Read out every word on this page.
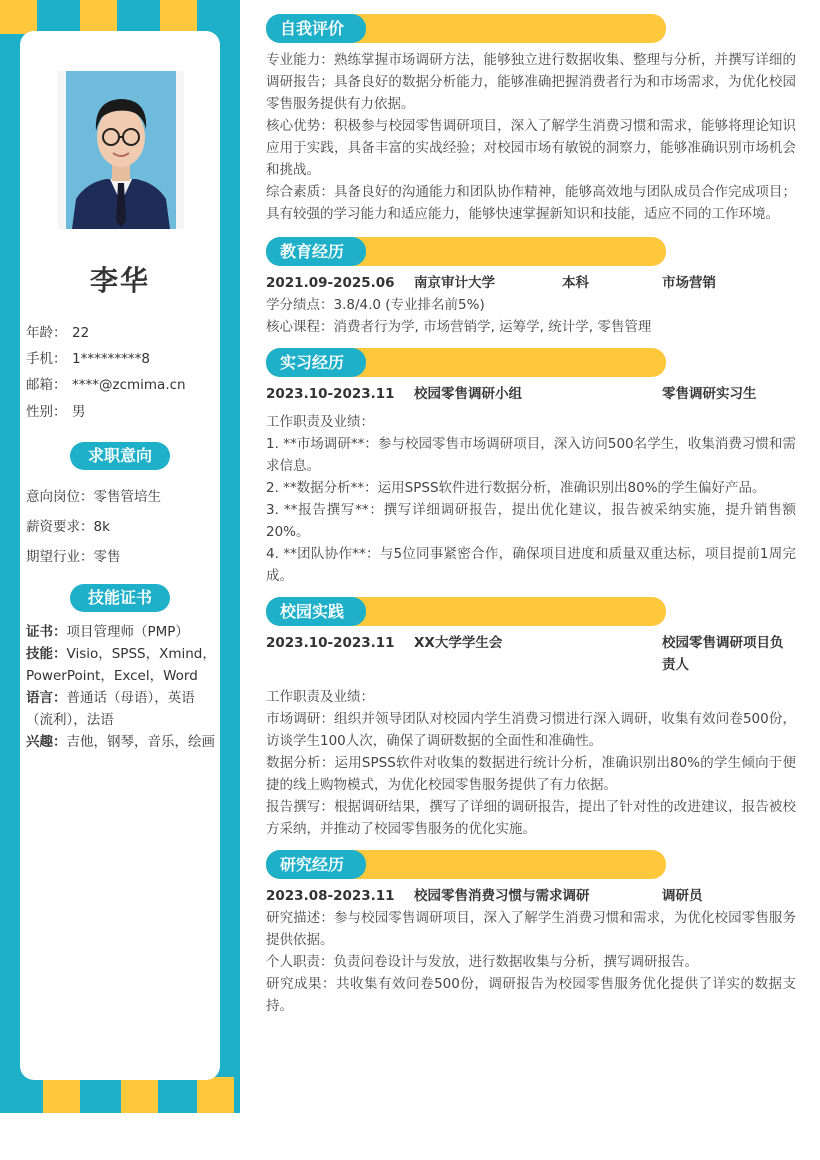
李华
年龄： 22
手机： 1*********8
邮箱： ****@zcmima.cn
性别： 男
求职意向
意向岗位：零售管培生
薪资要求：8k
期望行业：零售
技能证书
证书：项目管理师（PMP）
技能：Visio，SPSS，Xmind，PowerPoint，Excel，Word
语言：普通话（母语），英语（流利），法语
兴趣：吉他，钢琴，音乐，绘画
自我评价
专业能力：熟练掌握市场调研方法，能够独立进行数据收集、整理与分析，并撰写详细的调研报告；具备良好的数据分析能力，能够准确把握消费者行为和市场需求，为优化校园零售服务提供有力依据。
核心优势：积极参与校园零售调研项目，深入了解学生消费习惯和需求，能够将理论知识应用于实践，具备丰富的实战经验；对校园市场有敏锐的洞察力，能够准确识别市场机会和挑战。
综合素质：具备良好的沟通能力和团队协作精神，能够高效地与团队成员合作完成项目；具有较强的学习能力和适应能力，能够快速掌握新知识和技能，适应不同的工作环境。
教育经历
2021.09-2025.06	南京审计大学	本科	市场营销
学分绩点：3.8/4.0 (专业排名前5%)
核心课程：消费者行为学, 市场营销学, 运筹学, 统计学, 零售管理
实习经历
2023.10-2023.11	校园零售调研小组	零售调研实习生
工作职责及业绩：
1. **市场调研**：参与校园零售市场调研项目，深入访问500名学生，收集消费习惯和需求信息。
2. **数据分析**：运用SPSS软件进行数据分析，准确识别出80%的学生偏好产品。
3. **报告撰写**：撰写详细调研报告，提出优化建议，报告被采纳实施，提升销售额20%。
4. **团队协作**：与5位同事紧密合作，确保项目进度和质量双重达标，项目提前1周完成。
校园实践
2023.10-2023.11	XX大学学生会	校园零售调研项目负责人
工作职责及业绩：
市场调研：组织并领导团队对校园内学生消费习惯进行深入调研，收集有效问卷500份，访谈学生100人次，确保了调研数据的全面性和准确性。
数据分析：运用SPSS软件对收集的数据进行统计分析，准确识别出80%的学生倾向于便捷的线上购物模式，为优化校园零售服务提供了有力依据。
报告撰写：根据调研结果，撰写了详细的调研报告，提出了针对性的改进建议，报告被校方采纳，并推动了校园零售服务的优化实施。
研究经历
2023.08-2023.11	校园零售消费习惯与需求调研	调研员
研究描述：参与校园零售调研项目，深入了解学生消费习惯和需求，为优化校园零售服务提供依据。
个人职责：负责问卷设计与发放，进行数据收集与分析，撰写调研报告。
研究成果：共收集有效问卷500份，调研报告为校园零售服务优化提供了详实的数据支持。
